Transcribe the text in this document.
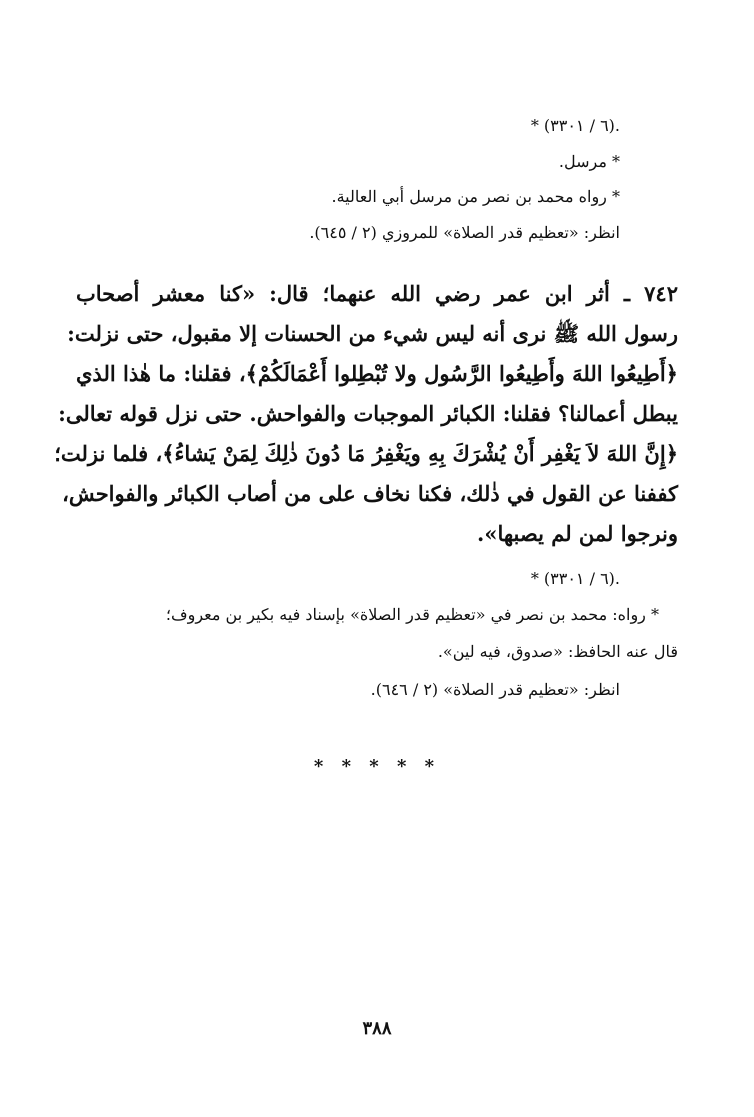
* (٦ / ٣٣٠١).
* مرسل.
* رواه محمد بن نصر من مرسل أبي العالية.
انظر: «تعظيم قدر الصلاة» للمروزي (٢ / ٦٤٥).
٧٤٢ ـ أثر ابن عمر رضي الله عنهما؛ قال: «كنا معشر أصحاب
رسول الله ﷺ نرى أنه ليس شيء من الحسنات إلا مقبول، حتى نزلت:
﴿أَطِيعُوا اللهَ وأَطِيعُوا الرَّسُول ولا تُبْطِلوا أَعْمَالَكُمْ﴾، فقلنا: ما هٰذا الذي
يبطل أعمالنا؟ فقلنا: الكبائر الموجبات والفواحش. حتى نزل قوله تعالى:
﴿إِنَّ اللهَ لاَ يَغْفِر أَنْ يُشْرَكَ بِهِ ويَغْفِرُ مَا دُونَ ذٰلِكَ لِمَنْ يَشاءُ﴾، فلما نزلت؛
كففنا عن القول في ذٰلك، فكنا نخاف على من أصاب الكبائر والفواحش،
ونرجوا لمن لم يصبها».
* (٦ / ٣٣٠١).
* رواه: محمد بن نصر في «تعظيم قدر الصلاة» بإسناد فيه بكير بن معروف؛
قال عنه الحافظ: «صدوق، فيه لين».
انظر: «تعظيم قدر الصلاة» (٢ / ٦٤٦).
* * * * *
٣٨٨
